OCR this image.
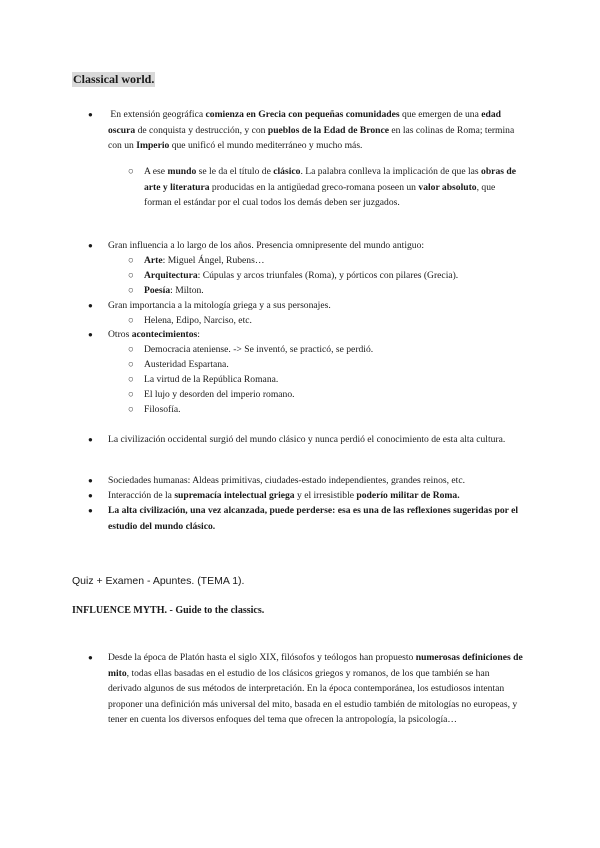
Classical world.
● En extensión geográfica comienza en Grecia con pequeñas comunidades que emergen de una edad oscura de conquista y destrucción, y con pueblos de la Edad de Bronce en las colinas de Roma; termina con un Imperio que unificó el mundo mediterráneo y mucho más.
○ A ese mundo se le da el título de clásico. La palabra conlleva la implicación de que las obras de arte y literatura producidas en la antigüedad greco-romana poseen un valor absoluto, que forman el estándar por el cual todos los demás deben ser juzgados.
● Gran influencia a lo largo de los años. Presencia omnipresente del mundo antiguo:
○ Arte: Miguel Ángel, Rubens…
○ Arquitectura: Cúpulas y arcos triunfales (Roma), y pórticos con pilares (Grecia).
○ Poesía: Milton.
● Gran importancia a la mitología griega y a sus personajes.
○ Helena, Edipo, Narciso, etc.
● Otros acontecimientos:
○ Democracia ateniense. -> Se inventó, se practicó, se perdió.
○ Austeridad Espartana.
○ La virtud de la República Romana.
○ El lujo y desorden del imperio romano.
○ Filosofía.
● La civilización occidental surgió del mundo clásico y nunca perdió el conocimiento de esta alta cultura.
● Sociedades humanas: Aldeas primitivas, ciudades-estado independientes, grandes reinos, etc.
● Interacción de la supremacía intelectual griega y el irresistible poderío militar de Roma.
● La alta civilización, una vez alcanzada, puede perderse: esa es una de las reflexiones sugeridas por el estudio del mundo clásico.
Quiz + Examen - Apuntes. (TEMA 1).
INFLUENCE MYTH. - Guide to the classics.
● Desde la época de Platón hasta el siglo XIX, filósofos y teólogos han propuesto numerosas definiciones de mito, todas ellas basadas en el estudio de los clásicos griegos y romanos, de los que también se han derivado algunos de sus métodos de interpretación. En la época contemporánea, los estudiosos intentan proponer una definición más universal del mito, basada en el estudio también de mitologías no europeas, y tener en cuenta los diversos enfoques del tema que ofrecen la antropología, la psicología…
